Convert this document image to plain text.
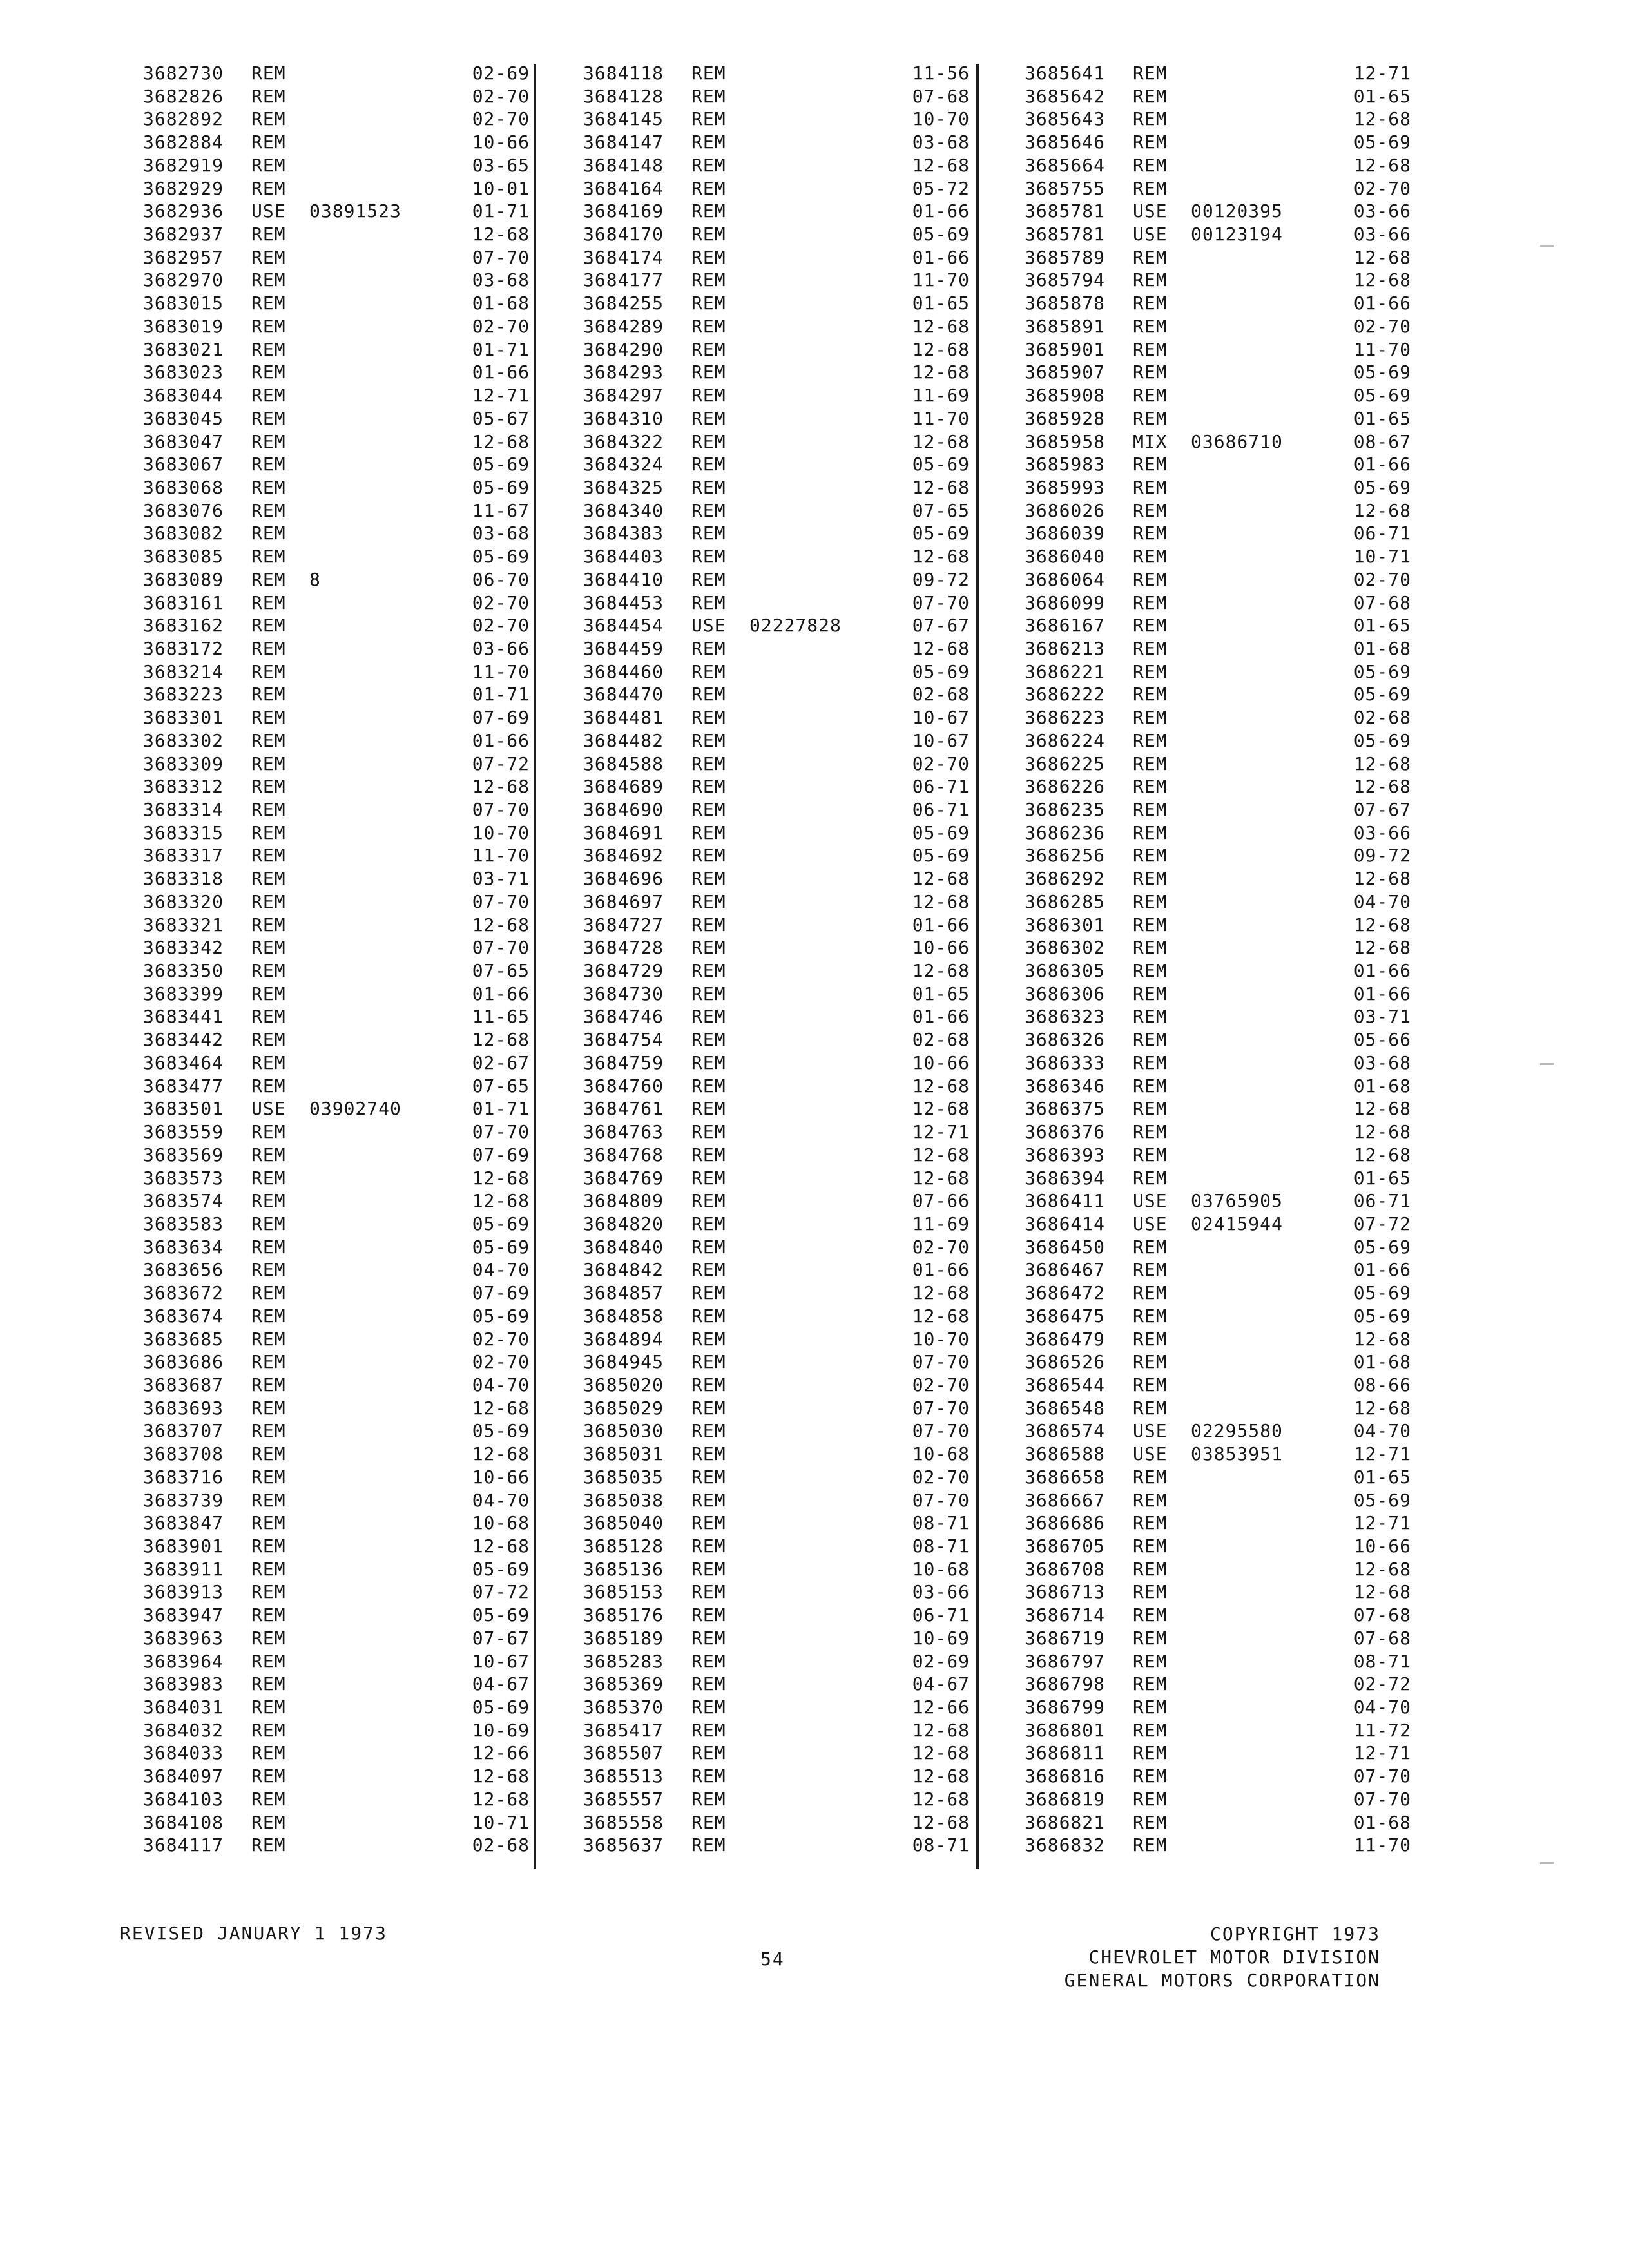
3682730 REM	02-69
3682826 REM	02-70
3682892 REM	02-70
3682884 REM	10-66
3682919 REM	03-65
3682929 REM	10-01
3682936 USE 03891523	01-71
3682937 REM	12-68
3682957 REM	07-70
3682970 REM	03-68
3683015 REM	01-68
3683019 REM	02-70
3683021 REM	01-71
3683023 REM	01-66
3683044 REM	12-71
3683045 REM	05-67
3683047 REM	12-68
3683067 REM	05-69
3683068 REM	05-69
3683076 REM	11-67
3683082 REM	03-68
3683085 REM	05-69
3683089 REM 8	06-70
3683161 REM	02-70
3683162 REM	02-70
3683172 REM	03-66
3683214 REM	11-70
3683223 REM	01-71
3683301 REM	07-69
3683302 REM	01-66
3683309 REM	07-72
3683312 REM	12-68
3683314 REM	07-70
3683315 REM	10-70
3683317 REM	11-70
3683318 REM	03-71
3683320 REM	07-70
3683321 REM	12-68
3683342 REM	07-70
3683350 REM	07-65
3683399 REM	01-66
3683441 REM	11-65
3683442 REM	12-68
3683464 REM	02-67
3683477 REM	07-65
3683501 USE 03902740	01-71
3683559 REM	07-70
3683569 REM	07-69
3683573 REM	12-68
3683574 REM	12-68
3683583 REM	05-69
3683634 REM	05-69
3683656 REM	04-70
3683672 REM	07-69
3683674 REM	05-69
3683685 REM	02-70
3683686 REM	02-70
3683687 REM	04-70
3683693 REM	12-68
3683707 REM	05-69
3683708 REM	12-68
3683716 REM	10-66
3683739 REM	04-70
3683847 REM	10-68
3683901 REM	12-68
3683911 REM	05-69
3683913 REM	07-72
3683947 REM	05-69
3683963 REM	07-67
3683964 REM	10-67
3683983 REM	04-67
3684031 REM	05-69
3684032 REM	10-69
3684033 REM	12-66
3684097 REM	12-68
3684103 REM	12-68
3684108 REM	10-71
3684117 REM	02-68
3684118 REM	11-56
3684128 REM	07-68
3684145 REM	10-70
3684147 REM	03-68
3684148 REM	12-68
3684164 REM	05-72
3684169 REM	01-66
3684170 REM	05-69
3684174 REM	01-66
3684177 REM	11-70
3684255 REM	01-65
3684289 REM	12-68
3684290 REM	12-68
3684293 REM	12-68
3684297 REM	11-69
3684310 REM	11-70
3684322 REM	12-68
3684324 REM	05-69
3684325 REM	12-68
3684340 REM	07-65
3684383 REM	05-69
3684403 REM	12-68
3684410 REM	09-72
3684453 REM	07-70
3684454 USE 02227828	07-67
3684459 REM	12-68
3684460 REM	05-69
3684470 REM	02-68
3684481 REM	10-67
3684482 REM	10-67
3684588 REM	02-70
3684689 REM	06-71
3684690 REM	06-71
3684691 REM	05-69
3684692 REM	05-69
3684696 REM	12-68
3684697 REM	12-68
3684727 REM	01-66
3684728 REM	10-66
3684729 REM	12-68
3684730 REM	01-65
3684746 REM	01-66
3684754 REM	02-68
3684759 REM	10-66
3684760 REM	12-68
3684761 REM	12-68
3684763 REM	12-71
3684768 REM	12-68
3684769 REM	12-68
3684809 REM	07-66
3684820 REM	11-69
3684840 REM	02-70
3684842 REM	01-66
3684857 REM	12-68
3684858 REM	12-68
3684894 REM	10-70
3684945 REM	07-70
3685020 REM	02-70
3685029 REM	07-70
3685030 REM	07-70
3685031 REM	10-68
3685035 REM	02-70
3685038 REM	07-70
3685040 REM	08-71
3685128 REM	08-71
3685136 REM	10-68
3685153 REM	03-66
3685176 REM	06-71
3685189 REM	10-69
3685283 REM	02-69
3685369 REM	04-67
3685370 REM	12-66
3685417 REM	12-68
3685507 REM	12-68
3685513 REM	12-68
3685557 REM	12-68
3685558 REM	12-68
3685637 REM	08-71
3685641 REM	12-71
3685642 REM	01-65
3685643 REM	12-68
3685646 REM	05-69
3685664 REM	12-68
3685755 REM	02-70
3685781 USE 00120395	03-66
3685781 USE 00123194	03-66
3685789 REM	12-68
3685794 REM	12-68
3685878 REM	01-66
3685891 REM	02-70
3685901 REM	11-70
3685907 REM	05-69
3685908 REM	05-69
3685928 REM	01-65
3685958 MIX 03686710	08-67
3685983 REM	01-66
3685993 REM	05-69
3686026 REM	12-68
3686039 REM	06-71
3686040 REM	10-71
3686064 REM	02-70
3686099 REM	07-68
3686167 REM	01-65
3686213 REM	01-68
3686221 REM	05-69
3686222 REM	05-69
3686223 REM	02-68
3686224 REM	05-69
3686225 REM	12-68
3686226 REM	12-68
3686235 REM	07-67
3686236 REM	03-66
3686256 REM	09-72
3686292 REM	12-68
3686285 REM	04-70
3686301 REM	12-68
3686302 REM	12-68
3686305 REM	01-66
3686306 REM	01-66
3686323 REM	03-71
3686326 REM	05-66
3686333 REM	03-68
3686346 REM	01-68
3686375 REM	12-68
3686376 REM	12-68
3686393 REM	12-68
3686394 REM	01-65
3686411 USE 03765905	06-71
3686414 USE 02415944	07-72
3686450 REM	05-69
3686467 REM	01-66
3686472 REM	05-69
3686475 REM	05-69
3686479 REM	12-68
3686526 REM	01-68
3686544 REM	08-66
3686548 REM	12-68
3686574 USE 02295580	04-70
3686588 USE 03853951	12-71
3686658 REM	01-65
3686667 REM	05-69
3686686 REM	12-71
3686705 REM	10-66
3686708 REM	12-68
3686713 REM	12-68
3686714 REM	07-68
3686719 REM	07-68
3686797 REM	08-71
3686798 REM	02-72
3686799 REM	04-70
3686801 REM	11-72
3686811 REM	12-71
3686816 REM	07-70
3686819 REM	07-70
3686821 REM	01-68
3686832 REM	11-70
REVISED JANUARY 1 1973
54
COPYRIGHT 1973
CHEVROLET MOTOR DIVISION
GENERAL MOTORS CORPORATION
